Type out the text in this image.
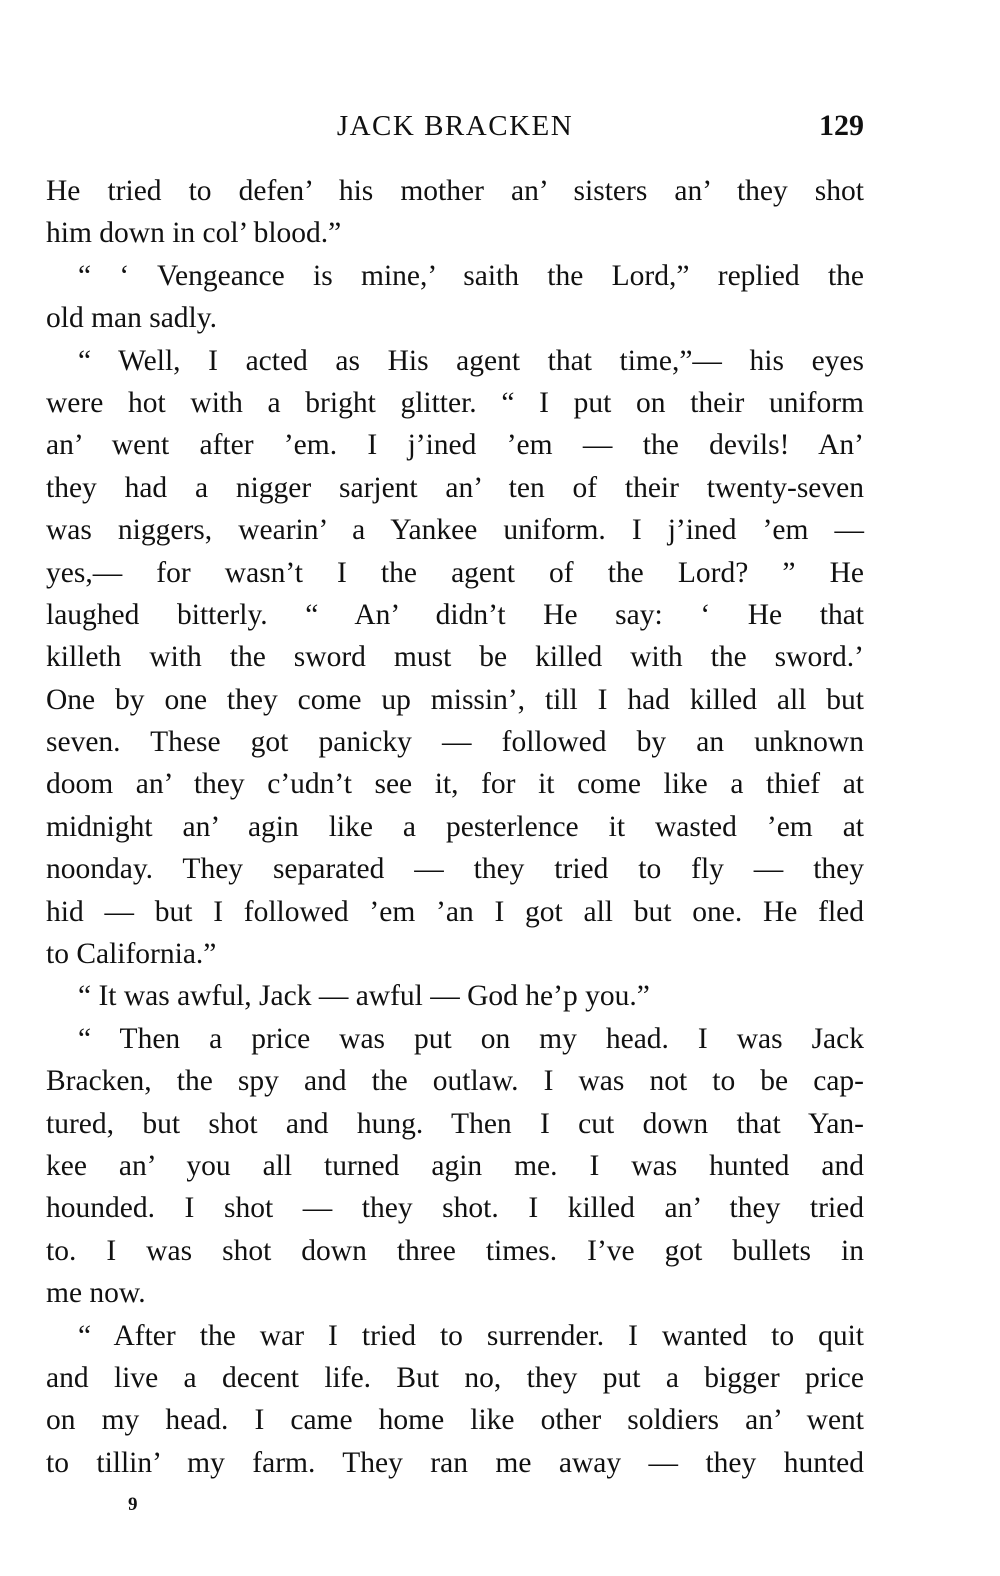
JACK BRACKEN	129
He tried to defen’ his mother an’ sisters an’ they shot
him down in col’ blood.”
“ ‘ Vengeance is mine,’ saith the Lord,” replied the
old man sadly.
“ Well, I acted as His agent that time,”— his eyes
were hot with a bright glitter. “ I put on their uniform
an’ went after ’em. I j’ined ’em — the devils! An’
they had a nigger sarjent an’ ten of their twenty-seven
was niggers, wearin’ a Yankee uniform. I j’ined ’em —
yes,— for wasn’t I the agent of the Lord? ” He
laughed bitterly. “ An’ didn’t He say: ‘ He that
killeth with the sword must be killed with the sword.’
One by one they come up missin’, till I had killed all but
seven. These got panicky — followed by an unknown
doom an’ they c’udn’t see it, for it come like a thief at
midnight an’ agin like a pesterlence it wasted ’em at
noonday. They separated — they tried to fly — they
hid — but I followed ’em ’an I got all but one. He fled
to California.”
“ It was awful, Jack — awful — God he’p you.”
“ Then a price was put on my head. I was Jack
Bracken, the spy and the outlaw. I was not to be cap-
tured, but shot and hung. Then I cut down that Yan-
kee an’ you all turned agin me. I was hunted and
hounded. I shot — they shot. I killed an’ they tried
to. I was shot down three times. I’ve got bullets in
me now.
“ After the war I tried to surrender. I wanted to quit
and live a decent life. But no, they put a bigger price
on my head. I came home like other soldiers an’ went
to tillin’ my farm. They ran me away — they hunted
9
